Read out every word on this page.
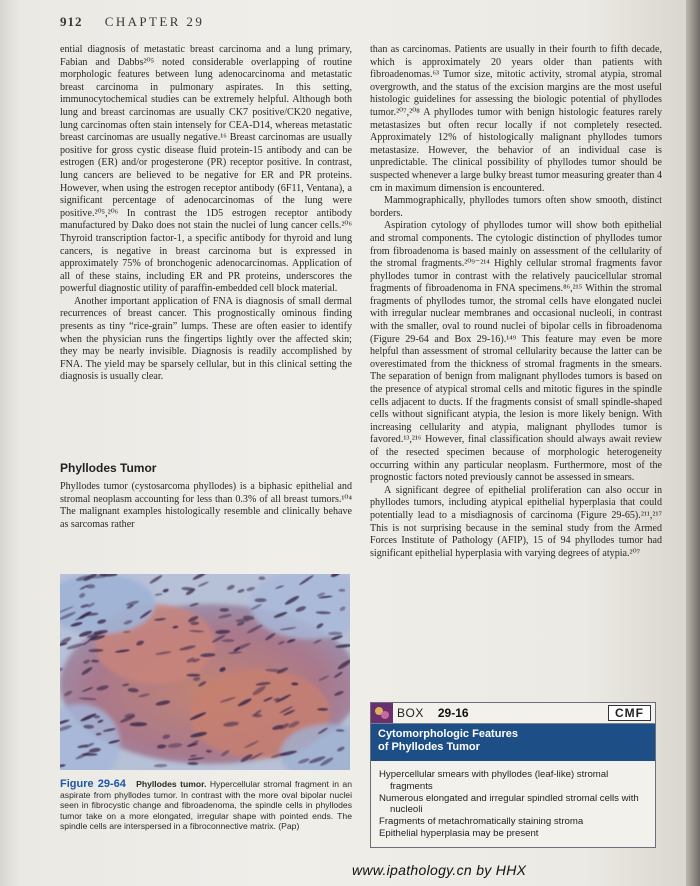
912 CHAPTER 29

ential diagnosis of metastatic breast carcinoma and a lung primary, Fabian and Dabbs²⁰⁵ noted considerable overlapping of routine morphologic features between lung adenocarcinoma and metastatic breast carcinoma in pulmonary aspirates. In this setting, immunocytochemical studies can be extremely helpful. Although both lung and breast carcinomas are usually CK7 positive/CK20 negative, lung carcinomas often stain intensely for CEA-D14, whereas metastatic breast carcinomas are usually negative.¹⁶ Breast carcinomas are usually positive for gross cystic disease fluid protein-15 antibody and can be estrogen (ER) and/or progesterone (PR) receptor positive. In contrast, lung cancers are believed to be negative for ER and PR proteins. However, when using the estrogen receptor antibody (6F11, Ventana), a significant percentage of adenocarcinomas of the lung were positive.²⁰⁵,²⁰⁶ In contrast the 1D5 estrogen receptor antibody manufactured by Dako does not stain the nuclei of lung cancer cells.²⁰⁶ Thyroid transcription factor-1, a specific antibody for thyroid and lung cancers, is negative in breast carcinoma but is expressed in approximately 75% of bronchogenic adenocarcinomas. Application of all of these stains, including ER and PR proteins, underscores the powerful diagnostic utility of paraffin-embedded cell block material.

Another important application of FNA is diagnosis of small dermal recurrences of breast cancer. This prognostically ominous finding presents as tiny “rice-grain” lumps. These are often easier to identify when the physician runs the fingertips lightly over the affected skin; they may be nearly invisible. Diagnosis is readily accomplished by FNA. The yield may be sparsely cellular, but in this clinical setting the diagnosis is usually clear.

Phyllodes Tumor

Phyllodes tumor (cystosarcoma phyllodes) is a biphasic epithelial and stromal neoplasm accounting for less than 0.3% of all breast tumors.¹⁰⁴ The malignant examples histologically resemble and clinically behave as sarcomas rather

Figure 29-64 Phyllodes tumor. Hypercellular stromal fragment in an aspirate from phyllodes tumor. In contrast with the more oval bipolar nuclei seen in fibrocystic change and fibroadenoma, the spindle cells in phyllodes tumor take on a more elongated, irregular shape with pointed ends. The spindle cells are interspersed in a fibroconnective matrix. (Pap)

than as carcinomas. Patients are usually in their fourth to fifth decade, which is approximately 20 years older than patients with fibroadenomas.⁶³ Tumor size, mitotic activity, stromal atypia, stromal overgrowth, and the status of the excision margins are the most useful histologic guidelines for assessing the biologic potential of phyllodes tumor.²⁰⁷,²⁰⁸ A phyllodes tumor with benign histologic features rarely metastasizes but often recur locally if not completely resected. Approximately 12% of histologically malignant phyllodes tumors metastasize. However, the behavior of an individual case is unpredictable. The clinical possibility of phyllodes tumor should be suspected whenever a large bulky breast tumor measuring greater than 4 cm in maximum dimension is encountered.

Mammographically, phyllodes tumors often show smooth, distinct borders.

Aspiration cytology of phyllodes tumor will show both epithelial and stromal components. The cytologic distinction of phyllodes tumor from fibroadenoma is based mainly on assessment of the cellularity of the stromal fragments.²⁰⁹⁻²¹⁴ Highly cellular stromal fragments favor phyllodes tumor in contrast with the relatively paucicellular stromal fragments of fibroadenoma in FNA specimens.⁸⁶,²¹⁵ Within the stromal fragments of phyllodes tumor, the stromal cells have elongated nuclei with irregular nuclear membranes and occasional nucleoli, in contrast with the smaller, oval to round nuclei of bipolar cells in fibroadenoma (Figure 29-64 and Box 29-16).¹⁴⁹ This feature may even be more helpful than assessment of stromal cellularity because the latter can be overestimated from the thickness of stromal fragments in the smears. The separation of benign from malignant phyllodes tumors is based on the presence of atypical stromal cells and mitotic figures in the spindle cells adjacent to ducts. If the fragments consist of small spindle-shaped cells without significant atypia, the lesion is more likely benign. With increasing cellularity and atypia, malignant phyllodes tumor is favored.¹³,²¹⁶ However, final classification should always await review of the resected specimen because of morphologic heterogeneity occurring within any particular neoplasm. Furthermore, most of the prognostic factors noted previously cannot be assessed in smears.

A significant degree of epithelial proliferation can also occur in phyllodes tumors, including atypical epithelial hyperplasia that could potentially lead to a misdiagnosis of carcinoma (Figure 29-65).²¹¹,²¹⁷ This is not surprising because in the seminal study from the Armed Forces Institute of Pathology (AFIP), 15 of 94 phyllodes tumor had significant epithelial hyperplasia with varying degrees of atypia.²⁰⁷

BOX 29-16	CMF
Cytomorphologic Features
of Phyllodes Tumor
Hypercellular smears with phyllodes (leaf-like) stromal fragments
Numerous elongated and irregular spindled stromal cells with nucleoli
Fragments of metachromatically staining stroma
Epithelial hyperplasia may be present
www.ipathology.cn by HHX
